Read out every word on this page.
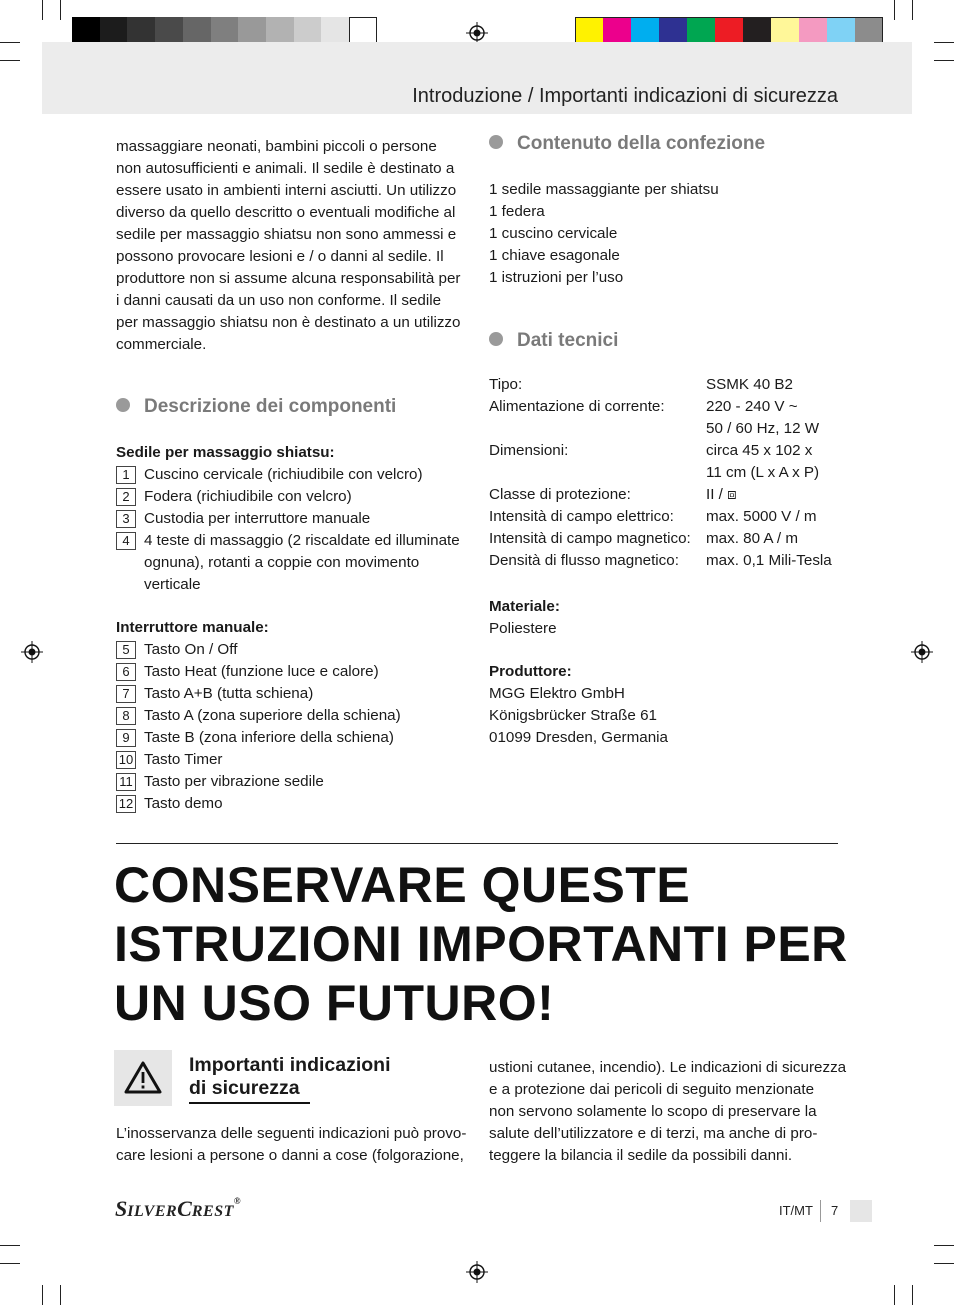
Introduzione / Importanti indicazioni di sicurezza
massaggiare neonati, bambini piccoli o persone
non autosufficienti e animali. Il sedile è destinato a
essere usato in ambienti interni asciutti. Un utilizzo
diverso da quello descritto o eventuali modifiche al
sedile per massaggio shiatsu non sono ammessi e
possono provocare lesioni e / o danni al sedile. Il
produttore non si assume alcuna responsabilità per
i danni causati da un uso non conforme. Il sedile
per massaggio shiatsu non è destinato a un utilizzo
commerciale.
Descrizione dei componenti
Sedile per massaggio shiatsu:
1 Cuscino cervicale (richiudibile con velcro)
2 Fodera (richiudibile con velcro)
3 Custodia per interruttore manuale
4 4 teste di massaggio (2 riscaldate ed illuminate
ognuna), rotanti a coppie con movimento
verticale
Interruttore manuale:
5 Tasto On / Off
6 Tasto Heat (funzione luce e calore)
7 Tasto A+B (tutta schiena)
8 Tasto A (zona superiore della schiena)
9 Taste B (zona inferiore della schiena)
10 Tasto Timer
11 Tasto per vibrazione sedile
12 Tasto demo
Contenuto della confezione
1 sedile massaggiante per shiatsu
1 federa
1 cuscino cervicale
1 chiave esagonale
1 istruzioni per l’uso
Dati tecnici
Tipo:	SSMK 40 B2
Alimentazione di corrente:	220 - 240 V ~
50 / 60 Hz, 12 W
Dimensioni:	circa 45 x 102 x
11 cm (L x A x P)
Classe di protezione:	II / ⧈
Intensità di campo elettrico: max. 5000 V / m
Intensità di campo magnetico: max. 80 A / m
Densità di flusso magnetico: max. 0,1 Mili-Tesla
Materiale:
Poliestere
Produttore:
MGG Elektro GmbH
Königsbrücker Straße 61
01099 Dresden, Germania
CONSERVARE QUESTE
ISTRUZIONI IMPORTANTI PER
UN USO FUTURO!
Importanti indicazioni
di sicurezza
L’inosservanza delle seguenti indicazioni può provo-
care lesioni a persone o danni a cose (folgorazione,
ustioni cutanee, incendio). Le indicazioni di sicurezza
e a protezione dai pericoli di seguito menzionate
non servono solamente lo scopo di preservare la
salute dell’utilizzatore e di terzi, ma anche di pro-
teggere la bilancia il sedile da possibili danni.
SILVERCREST®
IT/MT 7
